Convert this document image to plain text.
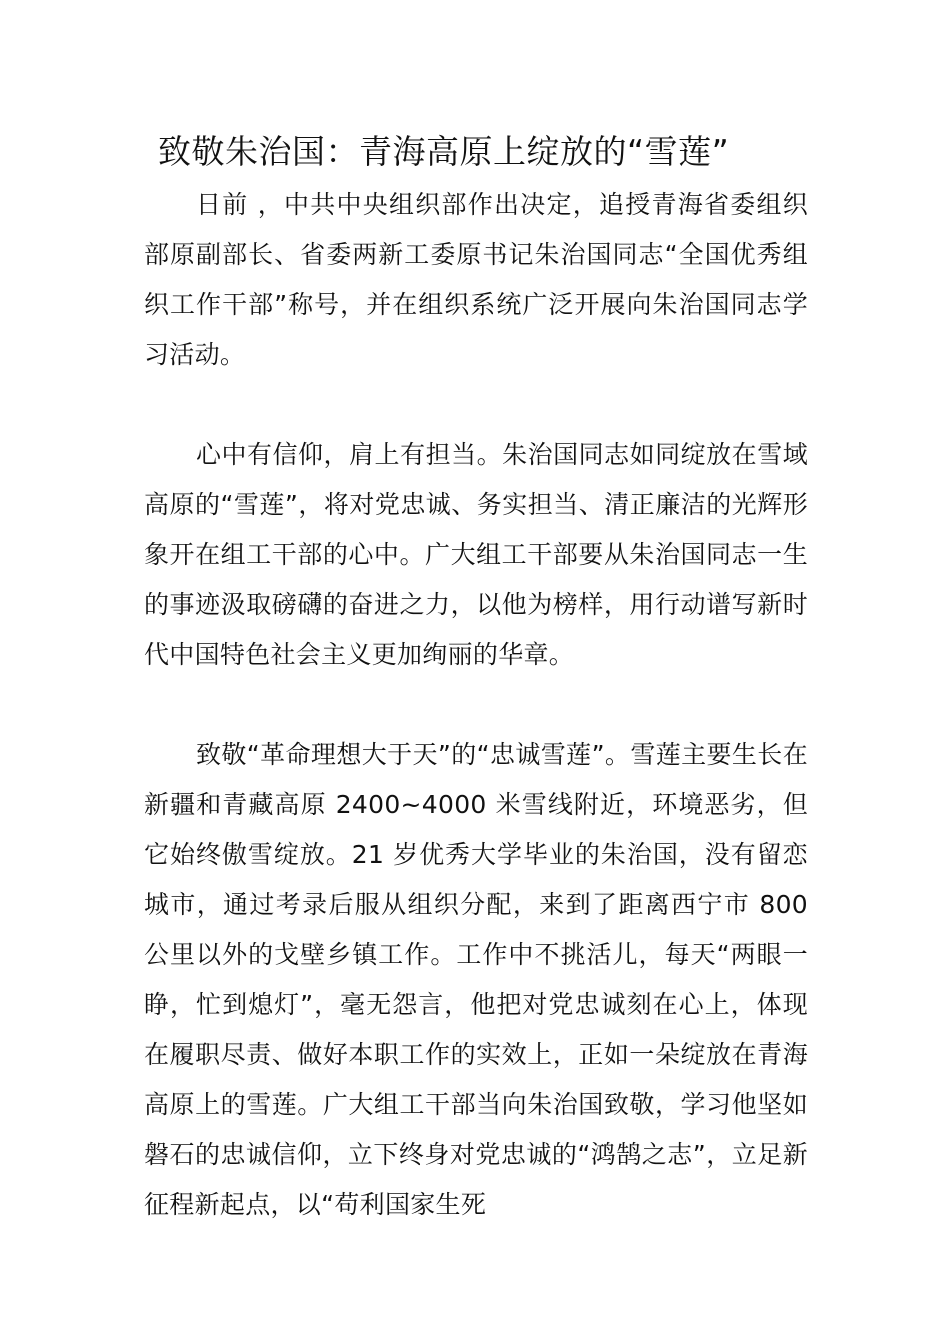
致敬朱治国：青海高原上绽放的“雪莲”

日前 ，中共中央组织部作出决定，追授青海省委组织部原副部长、省委两新工委原书记朱治国同志“全国优秀组织工作干部”称号，并在组织系统广泛开展向朱治国同志学习活动。

心中有信仰，肩上有担当。朱治国同志如同绽放在雪域高原的“雪莲”，将对党忠诚、务实担当、清正廉洁的光辉形象开在组工干部的心中。广大组工干部要从朱治国同志一生的事迹汲取磅礴的奋进之力，以他为榜样，用行动谱写新时代中国特色社会主义更加绚丽的华章。

致敬“革命理想大于天”的“忠诚雪莲”。雪莲主要生长在新疆和青藏高原 2400~4000 米雪线附近，环境恶劣，但它始终傲雪绽放。21 岁优秀大学毕业的朱治国，没有留恋城市，通过考录后服从组织分配，来到了距离西宁市 800 公里以外的戈壁乡镇工作。工作中不挑活儿，每天“两眼一睁，忙到熄灯”，毫无怨言，他把对党忠诚刻在心上，体现在履职尽责、做好本职工作的实效上，正如一朵绽放在青海高原上的雪莲。广大组工干部当向朱治国致敬，学习他坚如磐石的忠诚信仰，立下终身对党忠诚的“鸿鹄之志”，立足新征程新起点，以“苟利国家生死
